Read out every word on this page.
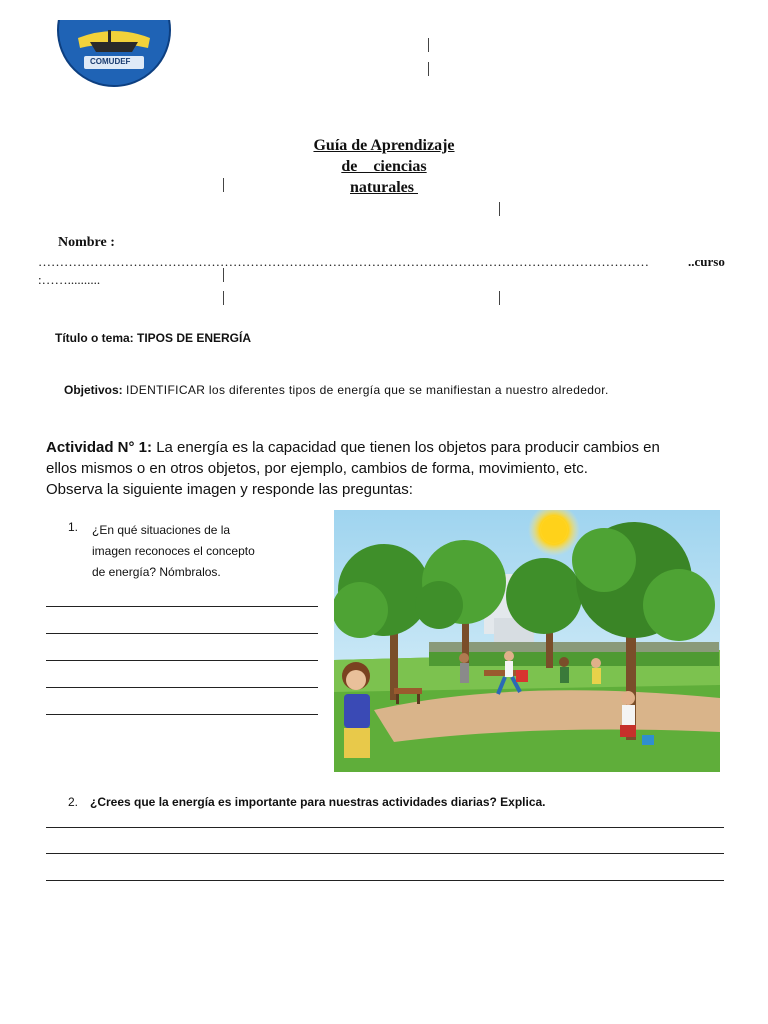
COMUDEF
Guía de Aprendizaje
de    ciencias
naturales
Nombre :
……………………………………………………………………………………………………………………………	..curso
:……..........
Título o tema: TIPOS DE ENERGÍA
Objetivos: IDENTIFICAR los diferentes tipos de energía que se manifiestan a nuestro alrededor.
Actividad N° 1: La energía es la capacidad que tienen los objetos para producir cambios en
ellos mismos o en otros objetos, por ejemplo, cambios de forma, movimiento, etc.
Observa la siguiente imagen y responde las preguntas:
1. ¿En qué situaciones de la
imagen reconoces el concepto
de energía? Nómbralos.
2. ¿Crees que la energía es importante para nuestras actividades diarias? Explica.
